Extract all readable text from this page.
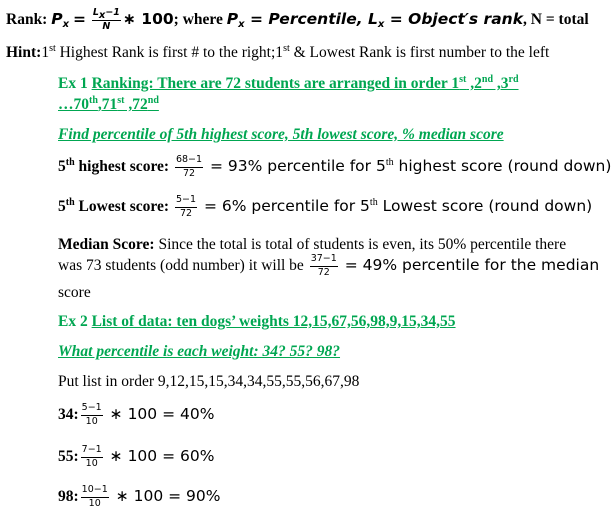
Rank: $P_x = \frac{L_x-1}{N}$ ∗ 100; where $P_x$ = Percentile, $L_x$ = Object′s rank, N = total
Hint:1st Highest Rank is first # to the right;1st & Lowest Rank is first number to the left
Ex 1 Ranking: There are 72 students are arranged in order 1st ,2nd ,3rd
…70th,71st ,72nd
Find percentile of 5th highest score, 5th lowest score, % median score
5th highest score: $\frac{68-1}{72} = 93\%$ percentile for 5th highest score (round down)
5th Lowest score: $\frac{5-1}{72} = 6\%$ percentile for 5th Lowest score (round down)
Median Score: Since the total is total of students is even, its 50% percentile there
was 73 students (odd number) it will be $\frac{37-1}{72} = 49\%$ percentile for the median
score
Ex 2 List of data: ten dogs’ weights 12,15,67,56,98,9,15,34,55
What percentile is each weight: 34? 55? 98?
Put list in order 9,12,15,15,34,34,55,55,56,67,98
34: $\frac{5-1}{10}$ ∗ 100 = 40%
55: $\frac{7-1}{10}$ ∗ 100 = 60%
98: $\frac{10-1}{10}$ ∗ 100 = 90%
